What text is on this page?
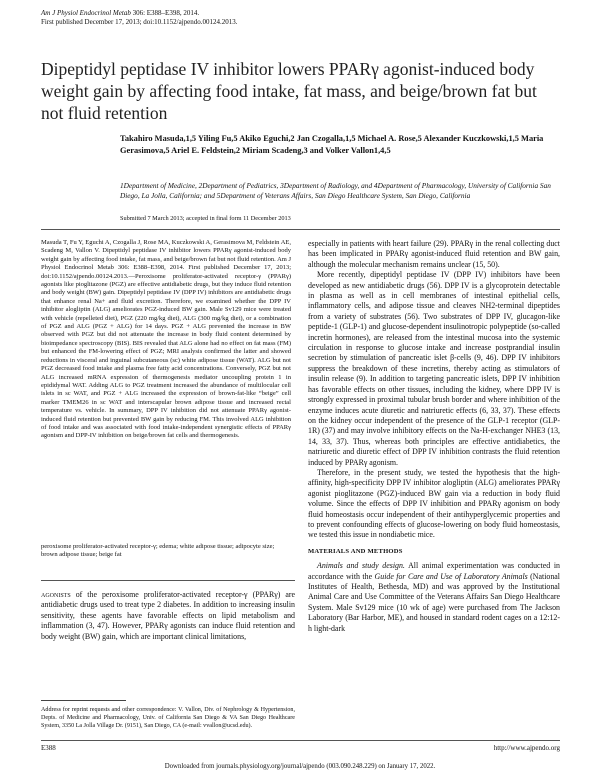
Am J Physiol Endocrinol Metab 306: E388–E398, 2014.
First published December 17, 2013; doi:10.1152/ajpendo.00124.2013.
Dipeptidyl peptidase IV inhibitor lowers PPARγ agonist-induced body weight gain by affecting food intake, fat mass, and beige/brown fat but not fluid retention
Takahiro Masuda,1,5 Yiling Fu,5 Akiko Eguchi,2 Jan Czogalla,1,5 Michael A. Rose,5 Alexander Kuczkowski,1,5 Maria Gerasimova,5 Ariel E. Feldstein,2 Miriam Scadeng,3 and Volker Vallon1,4,5
1Department of Medicine, 2Department of Pediatrics, 3Department of Radiology, and 4Department of Pharmacology, University of California San Diego, La Jolla, California; and 5Department of Veterans Affairs, San Diego Healthcare System, San Diego, California
Submitted 7 March 2013; accepted in final form 11 December 2013

Masuda T, Fu Y, Eguchi A, Czogalla J, Rose MA, Kuczkowski A, Gerasimova M, Feldstein AE, Scadeng M, Vallon V. Dipeptidyl peptidase IV inhibitor lowers PPARγ agonist-induced body weight gain by affecting food intake, fat mass, and beige/brown fat but not fluid retention. Am J Physiol Endocrinol Metab 306: E388–E398, 2014. First published December 17, 2013; doi:10.1152/ajpendo.00124.2013.—Peroxisome proliferator-activated receptor-γ (PPARγ) agonists like pioglitazone (PGZ) are effective antidiabetic drugs, but they induce fluid retention and body weight (BW) gain. Dipeptidyl peptidase IV (DPP IV) inhibitors are antidiabetic drugs that enhance renal Na+ and fluid excretion. Therefore, we examined whether the DPP IV inhibitor alogliptin (ALG) ameliorates PGZ-induced BW gain. Male Sv129 mice were treated with vehicle (repelleted diet), PGZ (220 mg/kg diet), ALG (300 mg/kg diet), or a combination of PGZ and ALG (PGZ + ALG) for 14 days. PGZ + ALG prevented the increase in BW observed with PGZ but did not attenuate the increase in body fluid content determined by bioimpedance spectroscopy (BIS). BIS revealed that ALG alone had no effect on fat mass (FM) but enhanced the FM-lowering effect of PGZ; MRI analysis confirmed the latter and showed reductions in visceral and inguinal subcutaneous (sc) white adipose tissue (WAT). ALG but not PGZ decreased food intake and plasma free fatty acid concentrations. Conversely, PGZ but not ALG increased mRNA expression of thermogenesis mediator uncoupling protein 1 in epididymal WAT. Adding ALG to PGZ treatment increased the abundance of multilocular cell islets in sc WAT, and PGZ + ALG increased the expression of brown-fat-like “beige” cell marker TMEM26 in sc WAT and interscapular brown adipose tissue and increased rectal temperature vs. vehicle. In summary, DPP IV inhibition did not attenuate PPARγ agonist-induced fluid retention but prevented BW gain by reducing FM. This involved ALG inhibition of food intake and was associated with food intake-independent synergistic effects of PPARγ agonism and DPP-IV inhibition on beige/brown fat cells and thermogenesis.

peroxisome proliferator-activated receptor-γ; edema; white adipose tissue; adipocyte size; brown adipose tissue; beige fat

agonists of the peroxisome proliferator-activated receptor-γ (PPARγ) are antidiabetic drugs used to treat type 2 diabetes. In addition to increasing insulin sensitivity, these agents have favorable effects on lipid metabolism and inflammation (3, 47). However, PPARγ agonists can induce fluid retention and body weight (BW) gain, which are important clinical limitations,

Address for reprint requests and other correspondence: V. Vallon, Div. of Nephrology & Hypertension, Depts. of Medicine and Pharmacology, Univ. of California San Diego & VA San Diego Healthcare System, 3350 La Jolla Village Dr. (9151), San Diego, CA (e-mail: vvallon@ucsd.edu).

especially in patients with heart failure (29). PPARγ in the renal collecting duct has been implicated in PPARγ agonist-induced fluid retention and BW gain, although the molecular mechanism remains unclear (15, 50).

More recently, dipeptidyl peptidase IV (DPP IV) inhibitors have been developed as new antidiabetic drugs (56). DPP IV is a glycoprotein detectable in plasma as well as in cell membranes of intestinal epithelial cells, inflammatory cells, and adipose tissue and cleaves NH2-terminal dipeptides from a variety of substrates (56). Two substrates of DPP IV, glucagon-like peptide-1 (GLP-1) and glucose-dependent insulinotropic polypeptide (so-called incretin hormones), are released from the intestinal mucosa into the systemic circulation in response to glucose intake and increase postprandial insulin secretion by stimulation of pancreatic islet β-cells (9, 46). DPP IV inhibitors suppress the breakdown of these incretins, thereby acting as stimulators of insulin release (9). In addition to targeting pancreatic islets, DPP IV inhibition has favorable effects on other tissues, including the kidney, where DPP IV is strongly expressed in proximal tubular brush border and where inhibition of the enzyme induces acute diuretic and natriuretic effects (6, 33, 37). These effects on the kidney occur independent of the presence of the GLP-1 receptor (GLP-1R) (37) and may involve inhibitory effects on the Na-H-exchanger NHE3 (13, 14, 33, 37). Thus, whereas both principles are effective antidiabetics, the natriuretic and diuretic effect of DPP IV inhibition contrasts the fluid retention induced by PPARγ agonism.

Therefore, in the present study, we tested the hypothesis that the high-affinity, high-specificity DPP IV inhibitor alogliptin (ALG) ameliorates PPARγ agonist pioglitazone (PGZ)-induced BW gain via a reduction in body fluid volume. Since the effects of DPP IV inhibition and PPARγ agonism on body fluid homeostasis occur independent of their antihyperglycemic properties and to prevent confounding effects of glucose-lowering on body fluid homeostasis, we tested this issue in nondiabetic mice.

MATERIALS AND METHODS

Animals and study design. All animal experimentation was conducted in accordance with the Guide for Care and Use of Laboratory Animals (National Institutes of Health, Bethesda, MD) and was approved by the Institutional Animal Care and Use Committee of the Veterans Affairs San Diego Healthcare System. Male Sv129 mice (10 wk of age) were purchased from The Jackson Laboratory (Bar Harbor, ME), and housed in standard rodent cages on a 12:12-h light-dark

E388	http://www.ajpendo.org
Downloaded from journals.physiology.org/journal/ajpendo (003.090.248.229) on January 17, 2022.
